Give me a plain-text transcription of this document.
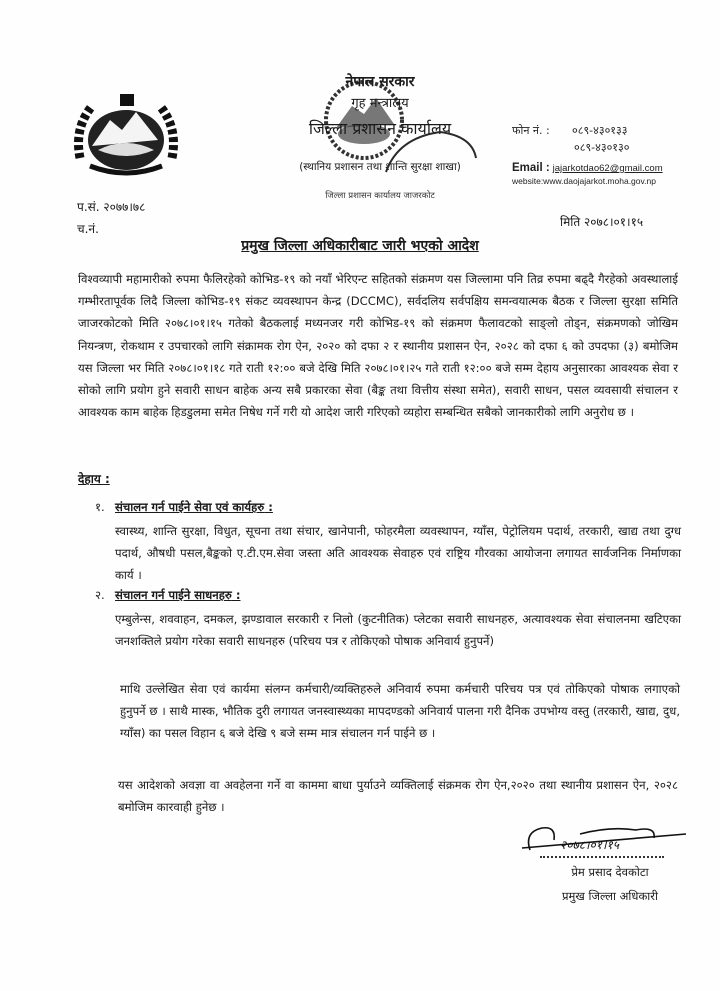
नेपाल सरकार
गृह मन्त्रालय
जिल्ला प्रशासन कार्यालय
(स्थानिय प्रशासन तथा शान्ति सुरक्षा शाखा)
जिल्ला प्रशासन कार्यालय जाजरकोट
फोन नं. : ०८९-४३०१३३
०८९-४३०१३०
Email : jajarkotdao62@gmail.com
website:www.daojajarkot.moha.gov.np
प.सं. २०७७।७८
च.नं.	मिति २०७८।०१।१५
प्रमुख जिल्ला अधिकारीबाट जारी भएको आदेश
विश्वव्यापी महामारीको रुपमा फैलिरहेको कोभिड-१९ को नयाँ भेरिएन्ट सहितको संक्रमण यस जिल्लामा पनि तिव्र रुपमा बढ्दै गैरहेको अवस्थालाई गम्भीरतापूर्वक लिदै जिल्ला कोभिड-१९ संकट व्यवस्थापन केन्द्र (DCCMC), सर्वदलिय सर्वपक्षिय समन्वयात्मक बैठक र जिल्ला सुरक्षा समिति जाजरकोटको मिति २०७८।०१।१५ गतेको बैठकलाई मध्यनजर गरी कोभिड-१९ को संक्रमण फैलावटको साङ्लो तोड्न, संक्रमणको जोखिम नियन्त्रण, रोकथाम र उपचारको लागि संक्रामक रोग ऐन, २०२० को दफा २ र स्थानीय प्रशासन ऐन, २०२८ को दफा ६ को उपदफा (३) बमोजिम यस जिल्ला भर मिति २०७८।०१।१८ गते राती १२:०० बजे देखि मिति २०७८।०१।२५ गते राती १२:०० बजे सम्म देहाय अनुसारका आवश्यक सेवा र सोको लागि प्रयोग हुने सवारी साधन बाहेक अन्य सबै प्रकारका सेवा (बैङ्क तथा वित्तीय संस्था समेत), सवारी साधन, पसल व्यवसायी संचालन र आवश्यक काम बाहेक हिडडुलमा समेत निषेध गर्ने गरी यो आदेश जारी गरिएको व्यहोरा सम्बन्धित सबैको जानकारीको लागि अनुरोध छ ।
देहाय :
१. संचालन गर्न पाईने सेवा एवं कार्यहरु :
स्वास्थ्य, शान्ति सुरक्षा, विधुत, सूचना तथा संचार, खानेपानी, फोहरमैला व्यवस्थापन, ग्याँस, पेट्रोलियम पदार्थ, तरकारी, खाद्य तथा दुग्ध पदार्थ, औषधी पसल,बैङ्कको ए.टी.एम.सेवा जस्ता अति आवश्यक सेवाहरु एवं राष्ट्रिय गौरवका आयोजना लगायत सार्वजनिक निर्माणका कार्य ।
२. संचालन गर्न पाईने साधनहरु :
एम्बुलेन्स, शववाहन, दमकल, झण्डावाल सरकारी र निलो (कुटनीतिक) प्लेटका सवारी साधनहरु, अत्यावश्यक सेवा संचालनमा खटिएका जनशक्तिले प्रयोग गरेका सवारी साधनहरु (परिचय पत्र र तोकिएको पोषाक अनिवार्य हुनुपर्ने)
माथि उल्लेखित सेवा एवं कार्यमा संलग्न कर्मचारी/व्यक्तिहरुले अनिवार्य रुपमा कर्मचारी परिचय पत्र एवं तोकिएको पोषाक लगाएको हुनुपर्ने छ । साथै मास्क, भौतिक दुरी लगायत जनस्वास्थ्यका मापदण्डको अनिवार्य पालना गरी दैनिक उपभोग्य वस्तु (तरकारी, खाद्य, दुध, ग्याँस) का पसल विहान ६ बजे देखि ९ बजे सम्म मात्र संचालन गर्न पाईने छ ।
यस आदेशको अवज्ञा वा अवहेलना गर्ने वा काममा बाधा पुर्याउने व्यक्तिलाई संक्रमक रोग ऐन,२०२० तथा स्थानीय प्रशासन ऐन, २०२८ बमोजिम कारवाही हुनेछ ।
२०७८।०१।१५
प्रेम प्रसाद देवकोटा
प्रमुख जिल्ला अधिकारी
